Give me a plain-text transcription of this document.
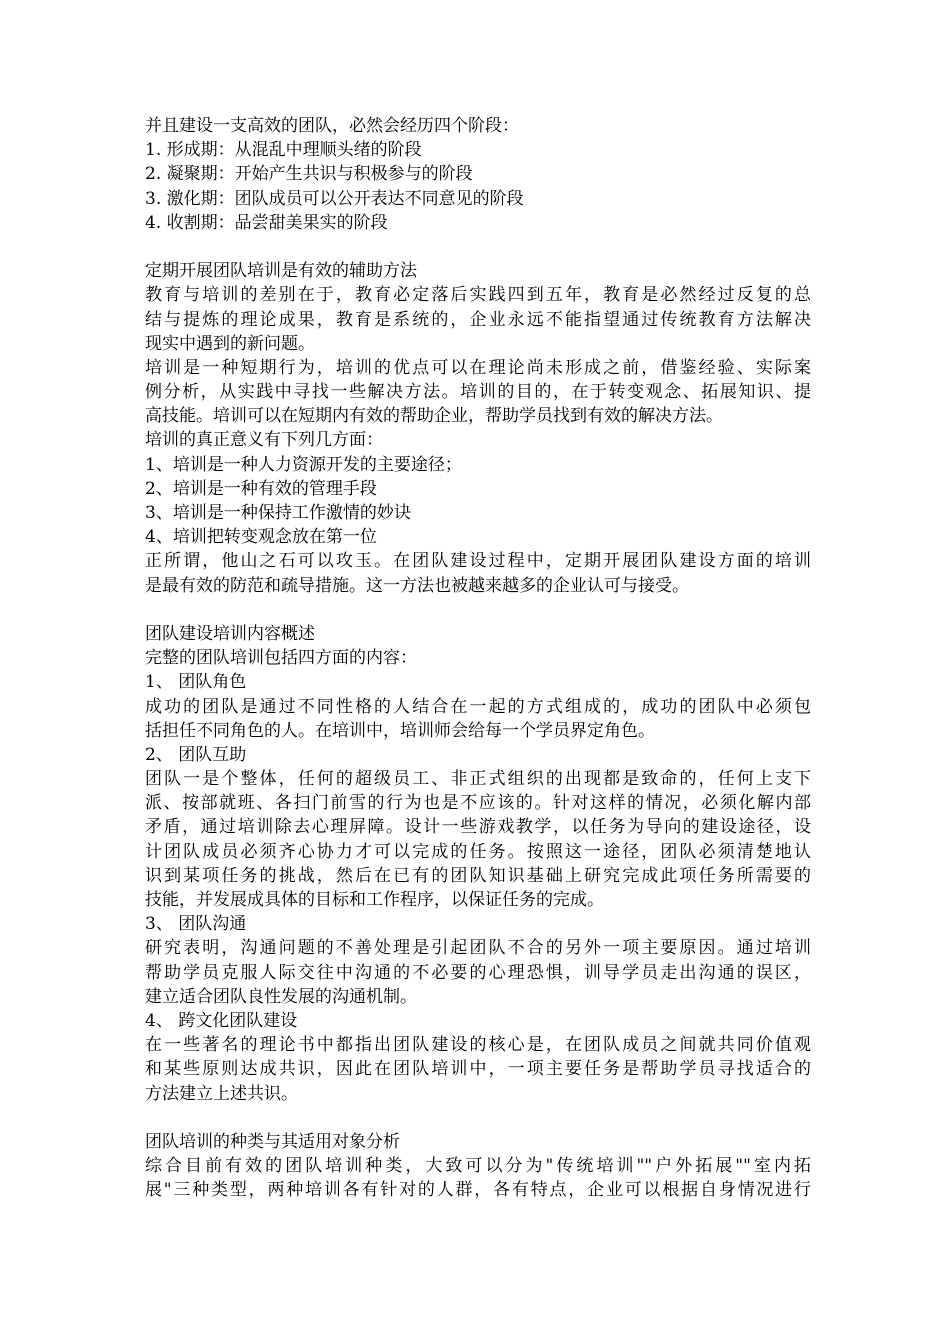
并且建设一支高效的团队，必然会经历四个阶段：
1. 形成期：从混乱中理顺头绪的阶段
2. 凝聚期：开始产生共识与积极参与的阶段
3. 激化期：团队成员可以公开表达不同意见的阶段
4. 收割期：品尝甜美果实的阶段
定期开展团队培训是有效的辅助方法
教育与培训的差别在于，教育必定落后实践四到五年，教育是必然经过反复的总
结与提炼的理论成果，教育是系统的，企业永远不能指望通过传统教育方法解决
现实中遇到的新问题。
培训是一种短期行为，培训的优点可以在理论尚未形成之前，借鉴经验、实际案
例分析，从实践中寻找一些解决方法。培训的目的，在于转变观念、拓展知识、提
高技能。培训可以在短期内有效的帮助企业，帮助学员找到有效的解决方法。
培训的真正意义有下列几方面：
1、培训是一种人力资源开发的主要途径；
2、培训是一种有效的管理手段
3、培训是一种保持工作激情的妙诀
4、培训把转变观念放在第一位
正所谓，他山之石可以攻玉。在团队建设过程中，定期开展团队建设方面的培训
是最有效的防范和疏导措施。这一方法也被越来越多的企业认可与接受。
团队建设培训内容概述
完整的团队培训包括四方面的内容：
1、 团队角色
成功的团队是通过不同性格的人结合在一起的方式组成的，成功的团队中必须包
括担任不同角色的人。在培训中，培训师会给每一个学员界定角色。
2、 团队互助
团队一是个整体，任何的超级员工、非正式组织的出现都是致命的，任何上支下
派、按部就班、各扫门前雪的行为也是不应该的。针对这样的情况，必须化解内部
矛盾，通过培训除去心理屏障。设计一些游戏教学，以任务为导向的建设途径，设
计团队成员必须齐心协力才可以完成的任务。按照这一途径，团队必须清楚地认
识到某项任务的挑战，然后在已有的团队知识基础上研究完成此项任务所需要的
技能，并发展成具体的目标和工作程序，以保证任务的完成。
3、 团队沟通
研究表明，沟通问题的不善处理是引起团队不合的另外一项主要原因。通过培训
帮助学员克服人际交往中沟通的不必要的心理恐惧，训导学员走出沟通的误区，
建立适合团队良性发展的沟通机制。
4、 跨文化团队建设
在一些著名的理论书中都指出团队建设的核心是，在团队成员之间就共同价值观
和某些原则达成共识，因此在团队培训中，一项主要任务是帮助学员寻找适合的
方法建立上述共识。
团队培训的种类与其适用对象分析
综合目前有效的团队培训种类，大致可以分为"传统培训""户外拓展""室内拓
展"三种类型，两种培训各有针对的人群，各有特点，企业可以根据自身情况进行
